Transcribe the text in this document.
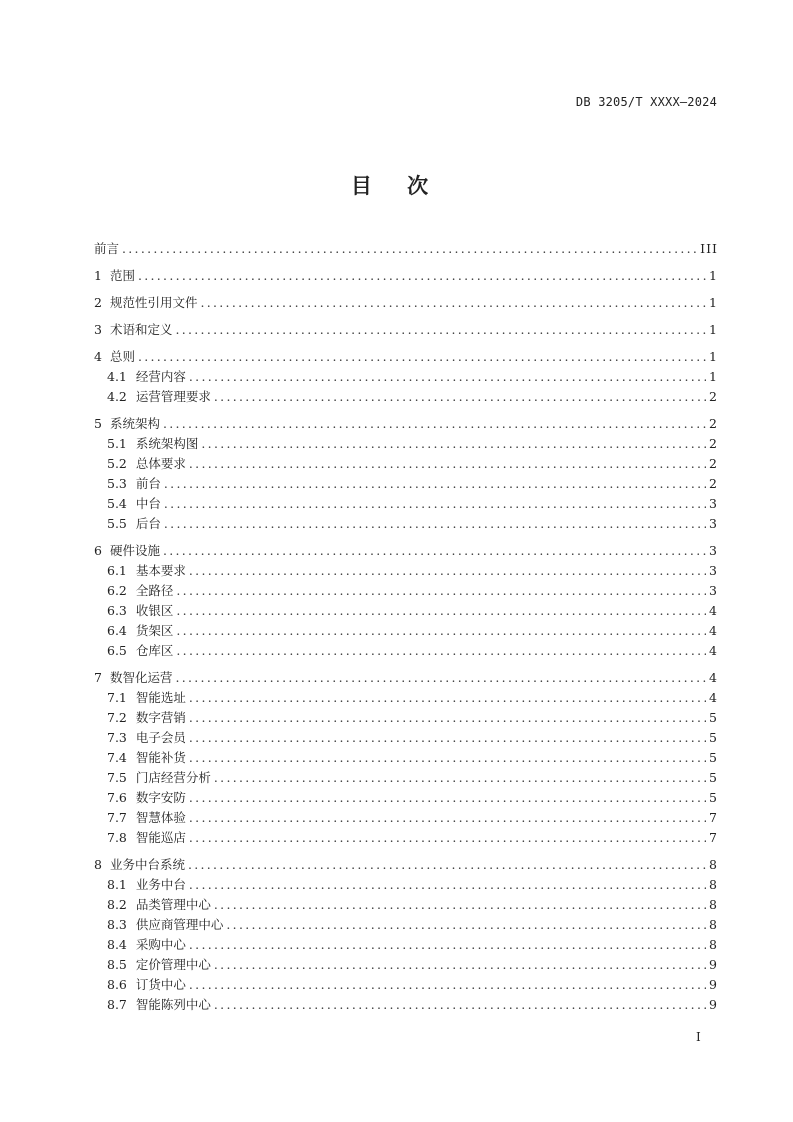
DB 3205/T XXXX—2024
目 次
前言 .....	III
1 范围 .....	1
2 规范性引用文件 .....	1
3 术语和定义 .....	1
4 总则 .....	1
4.1 经营内容 .....	1
4.2 运营管理要求 .....	2
5 系统架构 .....	2
5.1 系统架构图 .....	2
5.2 总体要求 .....	2
5.3 前台 .....	2
5.4 中台 .....	3
5.5 后台 .....	3
6 硬件设施 .....	3
6.1 基本要求 .....	3
6.2 全路径 .....	3
6.3 收银区 .....	4
6.4 货架区 .....	4
6.5 仓库区 .....	4
7 数智化运营 .....	4
7.1 智能选址 .....	4
7.2 数字营销 .....	5
7.3 电子会员 .....	5
7.4 智能补货 .....	5
7.5 门店经营分析 .....	5
7.6 数字安防 .....	5
7.7 智慧体验 .....	7
7.8 智能巡店 .....	7
8 业务中台系统 .....	8
8.1 业务中台 .....	8
8.2 品类管理中心 .....	8
8.3 供应商管理中心 .....	8
8.4 采购中心 .....	8
8.5 定价管理中心 .....	9
8.6 订货中心 .....	9
8.7 智能陈列中心 .....	9
I
